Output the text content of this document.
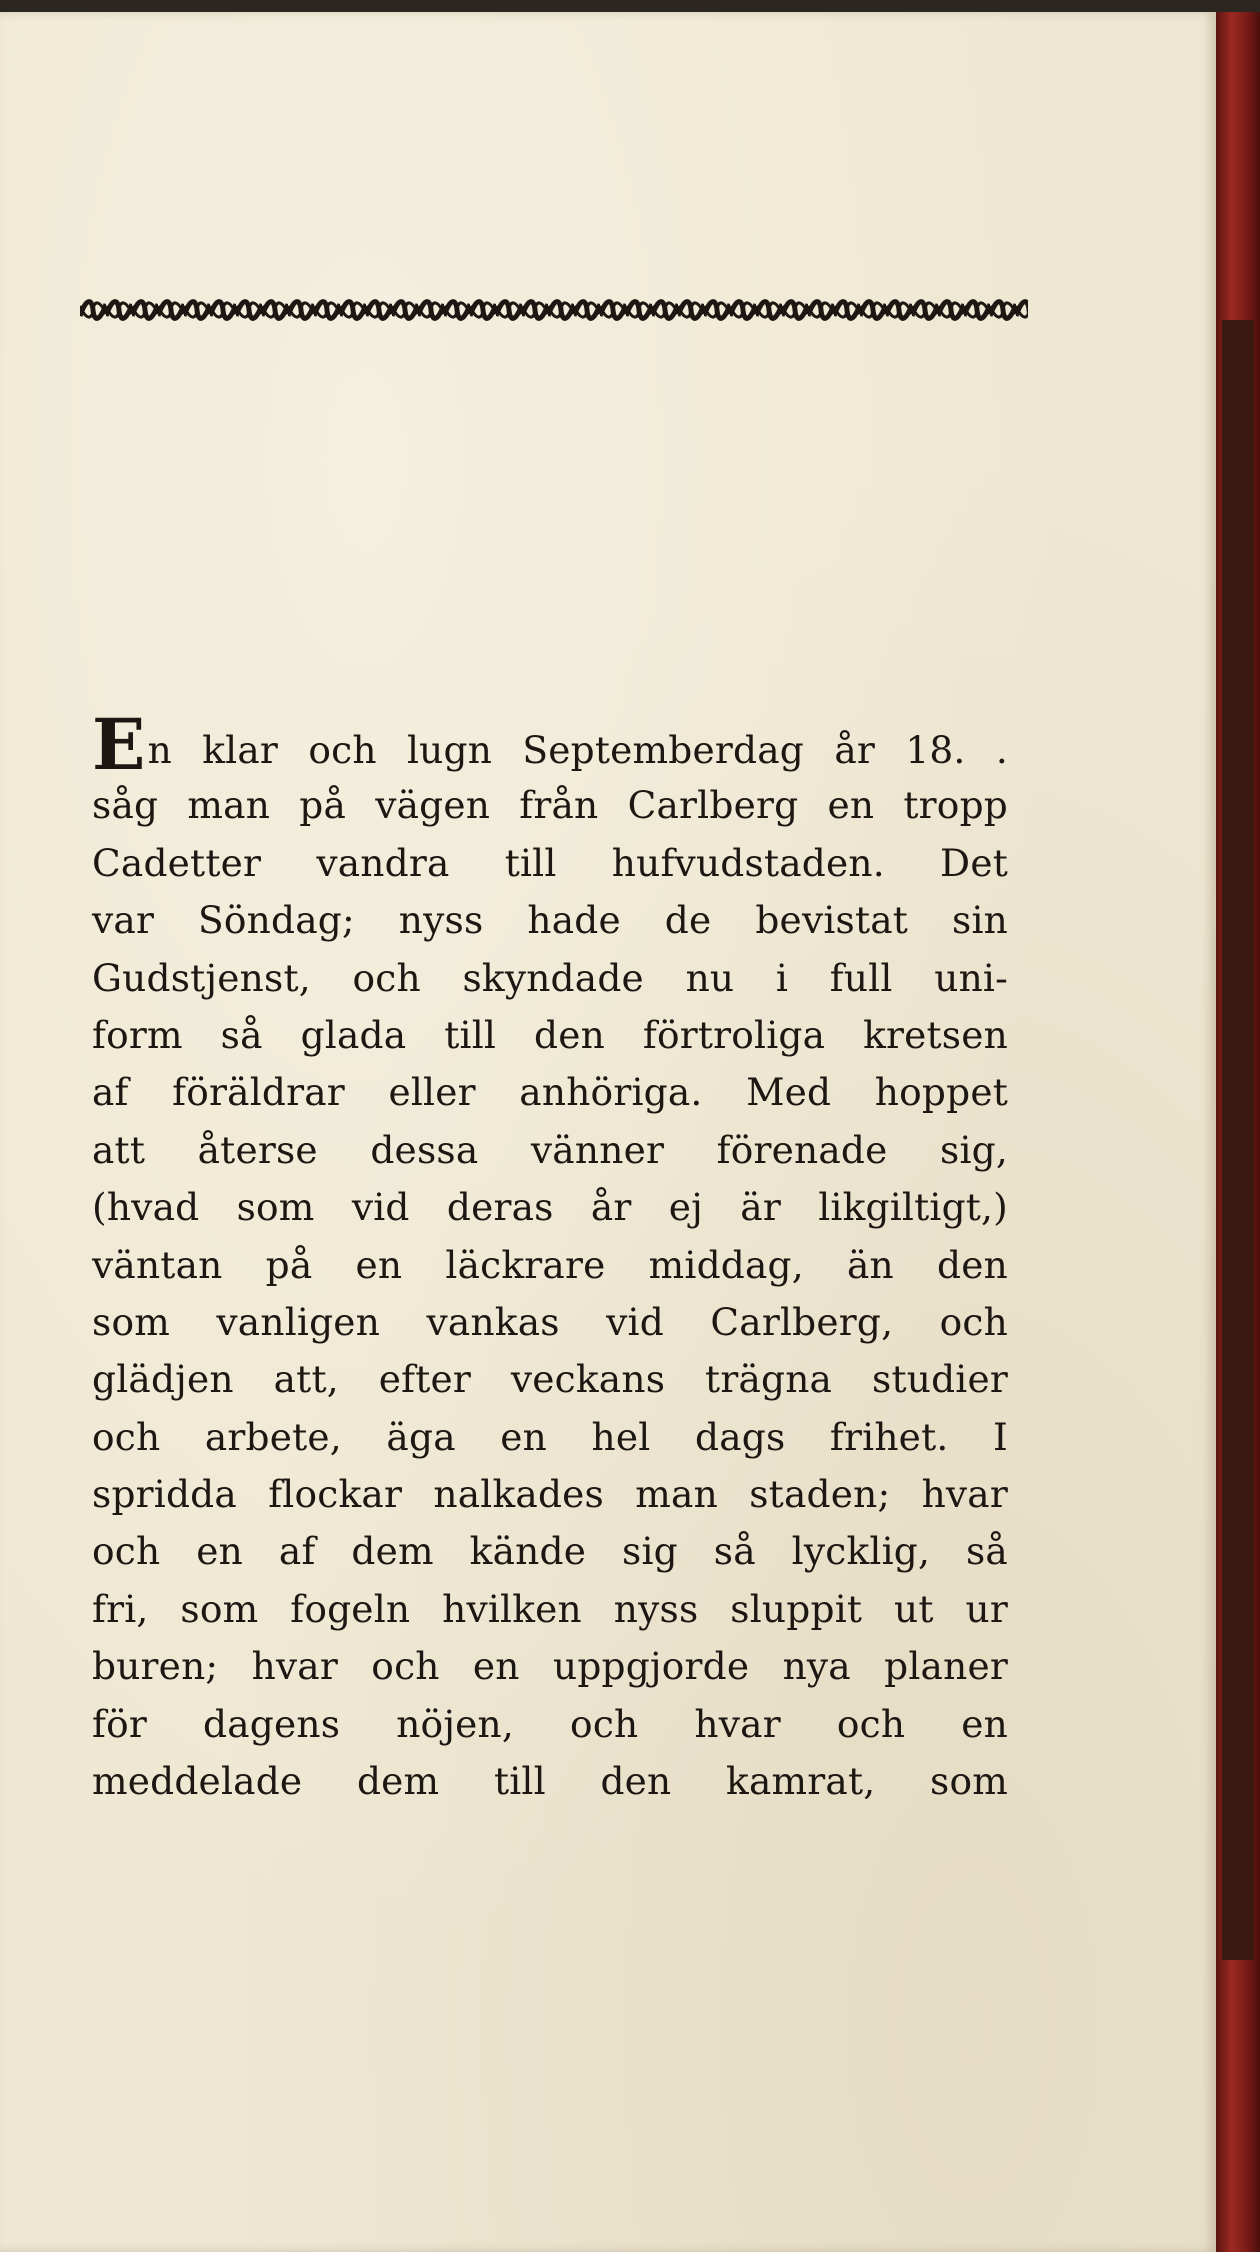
En klar och lugn Septemberdag år 18. .
såg man på vägen från Carlberg en tropp
Cadetter vandra till hufvudstaden. Det
var Söndag; nyss hade de bevistat sin
Gudstjenst, och skyndade nu i full uni-
form så glada till den förtroliga kretsen
af föräldrar eller anhöriga. Med hoppet
att återse dessa vänner förenade sig,
(hvad som vid deras år ej är likgiltigt,)
väntan på en läckrare middag, än den
som vanligen vankas vid Carlberg, och
glädjen att, efter veckans trägna studier
och arbete, äga en hel dags frihet. I
spridda flockar nalkades man staden; hvar
och en af dem kände sig så lycklig, så
fri, som fogeln hvilken nyss sluppit ut ur
buren; hvar och en uppgjorde nya planer
för dagens nöjen, och hvar och en
meddelade dem till den kamrat, som
